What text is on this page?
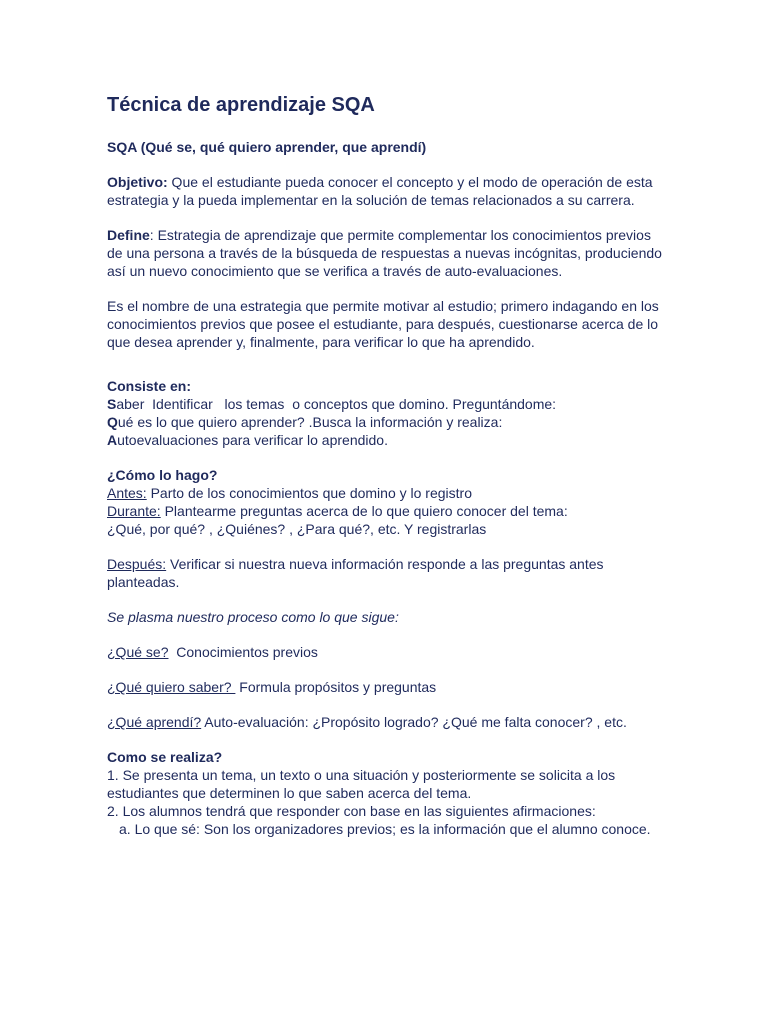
Técnica de aprendizaje SQA

SQA (Qué se, qué quiero aprender, que aprendí)

Objetivo: Que el estudiante pueda conocer el concepto y el modo de operación de esta estrategia y la pueda implementar en la solución de temas relacionados a su carrera.

Define: Estrategia de aprendizaje que permite complementar los conocimientos previos de una persona a través de la búsqueda de respuestas a nuevas incógnitas, produciendo así un nuevo conocimiento que se verifica a través de auto-evaluaciones.

Es el nombre de una estrategia que permite motivar al estudio; primero indagando en los conocimientos previos que posee el estudiante, para después, cuestionarse acerca de lo que desea aprender y, finalmente, para verificar lo que ha aprendido.

Consiste en:

Saber  Identificar   los temas  o conceptos que domino. Preguntándome:

Qué es lo que quiero aprender? .Busca la información y realiza:

Autoevaluaciones para verificar lo aprendido.

¿Cómo lo hago?

Antes: Parto de los conocimientos que domino y lo registro

Durante: Plantearme preguntas acerca de lo que quiero conocer del tema:

¿Qué, por qué? , ¿Quiénes? , ¿Para qué?, etc. Y registrarlas

Después: Verificar si nuestra nueva información responde a las preguntas antes planteadas.

Se plasma nuestro proceso como lo que sigue:

¿Qué se?  Conocimientos previos

¿Qué quiero saber?  Formula propósitos y preguntas

¿Qué aprendí? Auto-evaluación: ¿Propósito logrado? ¿Qué me falta conocer? , etc.

Como se realiza?

1. Se presenta un tema, un texto o una situación y posteriormente se solicita a los estudiantes que determinen lo que saben acerca del tema.

2. Los alumnos tendrá que responder con base en las siguientes afirmaciones:

a. Lo que sé: Son los organizadores previos; es la información que el alumno conoce.
